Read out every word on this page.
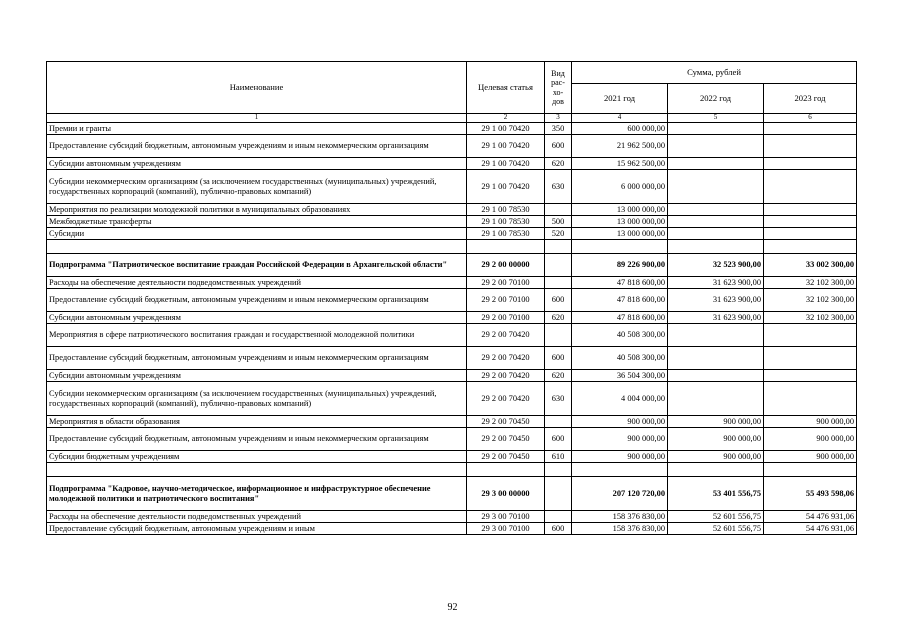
Наименование	Целевая статья	Вид рас-хо-дов	Сумма, рублей		
			2021 год	2022 год	2023 год
1	2	3	4	5	6
Премии и гранты	29 1 00 70420	350	600 000,00		
Предоставление субсидий бюджетным, автономным учреждениям и иным некоммерческим организациям	29 1 00 70420	600	21 962 500,00		
Субсидии автономным учреждениям	29 1 00 70420	620	15 962 500,00		
Субсидии некоммерческим организациям (за исключением государственных (муниципальных) учреждений, государственных корпораций (компаний), публично-правовых компаний)	29 1 00 70420	630	6 000 000,00		
Мероприятия по реализации молодежной политики в муниципальных образованиях	29 1 00 78530		13 000 000,00		
Межбюджетные трансферты	29 1 00 78530	500	13 000 000,00		
Субсидии	29 1 00 78530	520	13 000 000,00		

Подпрограмма "Патриотическое воспитание граждан Российской Федерации в Архангельской области"	29 2 00 00000		89 226 900,00	32 523 900,00	33 002 300,00
Расходы на обеспечение деятельности подведомственных учреждений	29 2 00 70100		47 818 600,00	31 623 900,00	32 102 300,00
Предоставление субсидий бюджетным, автономным учреждениям и иным некоммерческим организациям	29 2 00 70100	600	47 818 600,00	31 623 900,00	32 102 300,00
Субсидии автономным учреждениям	29 2 00 70100	620	47 818 600,00	31 623 900,00	32 102 300,00
Мероприятия в сфере патриотического воспитания граждан и государственной молодежной политики	29 2 00 70420		40 508 300,00		
Предоставление субсидий бюджетным, автономным учреждениям и иным некоммерческим организациям	29 2 00 70420	600	40 508 300,00		
Субсидии автономным учреждениям	29 2 00 70420	620	36 504 300,00		
Субсидии некоммерческим организациям (за исключением государственных (муниципальных) учреждений, государственных корпораций (компаний), публично-правовых компаний)	29 2 00 70420	630	4 004 000,00		
Мероприятия в области образования	29 2 00 70450		900 000,00	900 000,00	900 000,00
Предоставление субсидий бюджетным, автономным учреждениям и иным некоммерческим организациям	29 2 00 70450	600	900 000,00	900 000,00	900 000,00
Субсидии бюджетным учреждениям	29 2 00 70450	610	900 000,00	900 000,00	900 000,00

Подпрограмма "Кадровое, научно-методическое, информационное и инфраструктурное обеспечение молодежной политики и патриотического воспитания"	29 3 00 00000		207 120 720,00	53 401 556,75	55 493 598,06
Расходы на обеспечение деятельности подведомственных учреждений	29 3 00 70100		158 376 830,00	52 601 556,75	54 476 931,06
Предоставление субсидий бюджетным, автономным учреждениям и иным	29 3 00 70100	600	158 376 830,00	52 601 556,75	54 476 931,06
92
